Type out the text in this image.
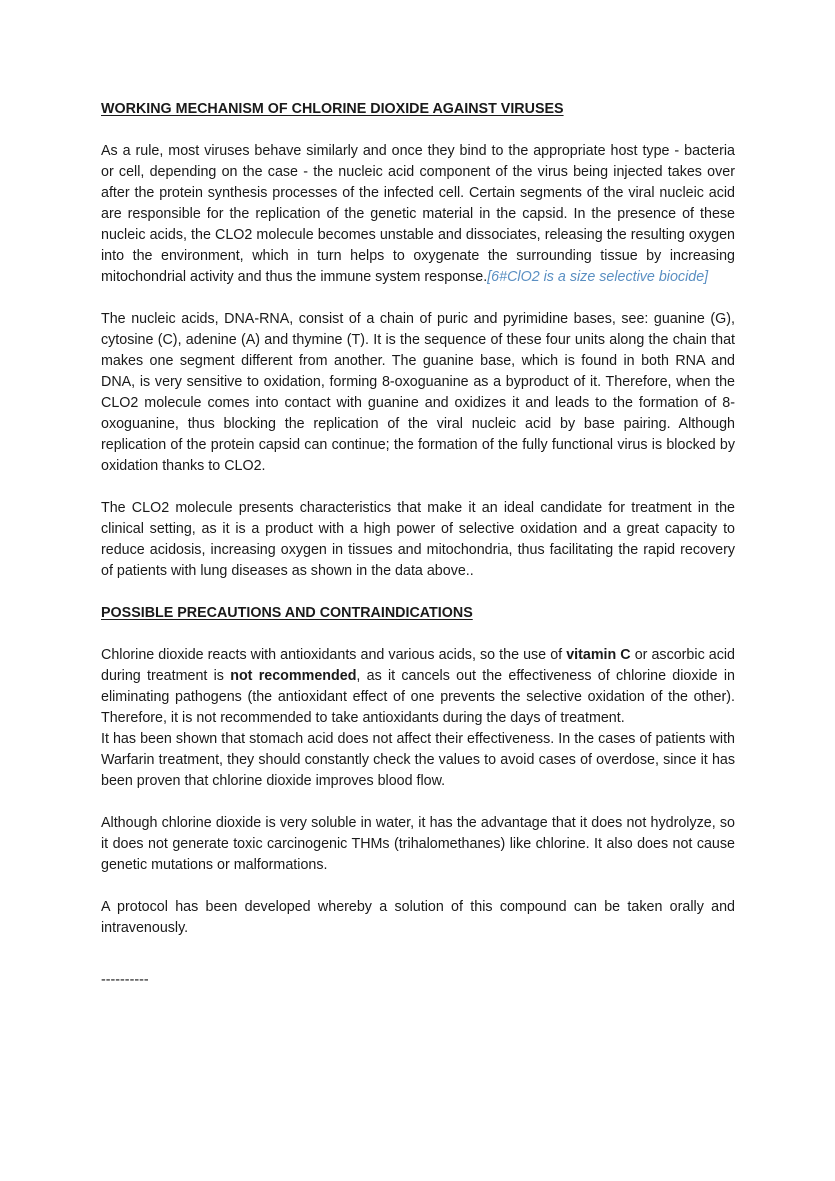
WORKING MECHANISM OF CHLORINE DIOXIDE AGAINST VIRUSES

As a rule, most viruses behave similarly and once they bind to the appropriate host type - bacteria or cell, depending on the case - the nucleic acid component of the virus being injected takes over after the protein synthesis processes of the infected cell. Certain segments of the viral nucleic acid are responsible for the replication of the genetic material in the capsid. In the presence of these nucleic acids, the CLO2 molecule becomes unstable and dissociates, releasing the resulting oxygen into the environment, which in turn helps to oxygenate the surrounding tissue by increasing mitochondrial activity and thus the immune system response.[6#ClO2 is a size selective biocide]

The nucleic acids, DNA-RNA, consist of a chain of puric and pyrimidine bases, see: guanine (G), cytosine (C), adenine (A) and thymine (T). It is the sequence of these four units along the chain that makes one segment different from another. The guanine base, which is found in both RNA and DNA, is very sensitive to oxidation, forming 8-oxoguanine as a byproduct of it. Therefore, when the CLO2 molecule comes into contact with guanine and oxidizes it and leads to the formation of 8-oxoguanine, thus blocking the replication of the viral nucleic acid by base pairing. Although replication of the protein capsid can continue; the formation of the fully functional virus is blocked by oxidation thanks to CLO2.

The CLO2 molecule presents characteristics that make it an ideal candidate for treatment in the clinical setting, as it is a product with a high power of selective oxidation and a great capacity to reduce acidosis, increasing oxygen in tissues and mitochondria, thus facilitating the rapid recovery of patients with lung diseases as shown in the data above..

POSSIBLE PRECAUTIONS AND CONTRAINDICATIONS

Chlorine dioxide reacts with antioxidants and various acids, so the use of vitamin C or ascorbic acid during treatment is not recommended, as it cancels out the effectiveness of chlorine dioxide in eliminating pathogens (the antioxidant effect of one prevents the selective oxidation of the other). Therefore, it is not recommended to take antioxidants during the days of treatment.

It has been shown that stomach acid does not affect their effectiveness. In the cases of patients with Warfarin treatment, they should constantly check the values to avoid cases of overdose, since it has been proven that chlorine dioxide improves blood flow.

Although chlorine dioxide is very soluble in water, it has the advantage that it does not hydrolyze, so it does not generate toxic carcinogenic THMs (trihalomethanes) like chlorine. It also does not cause genetic mutations or malformations.

A protocol has been developed whereby a solution of this compound can be taken orally and intravenously.

----------
